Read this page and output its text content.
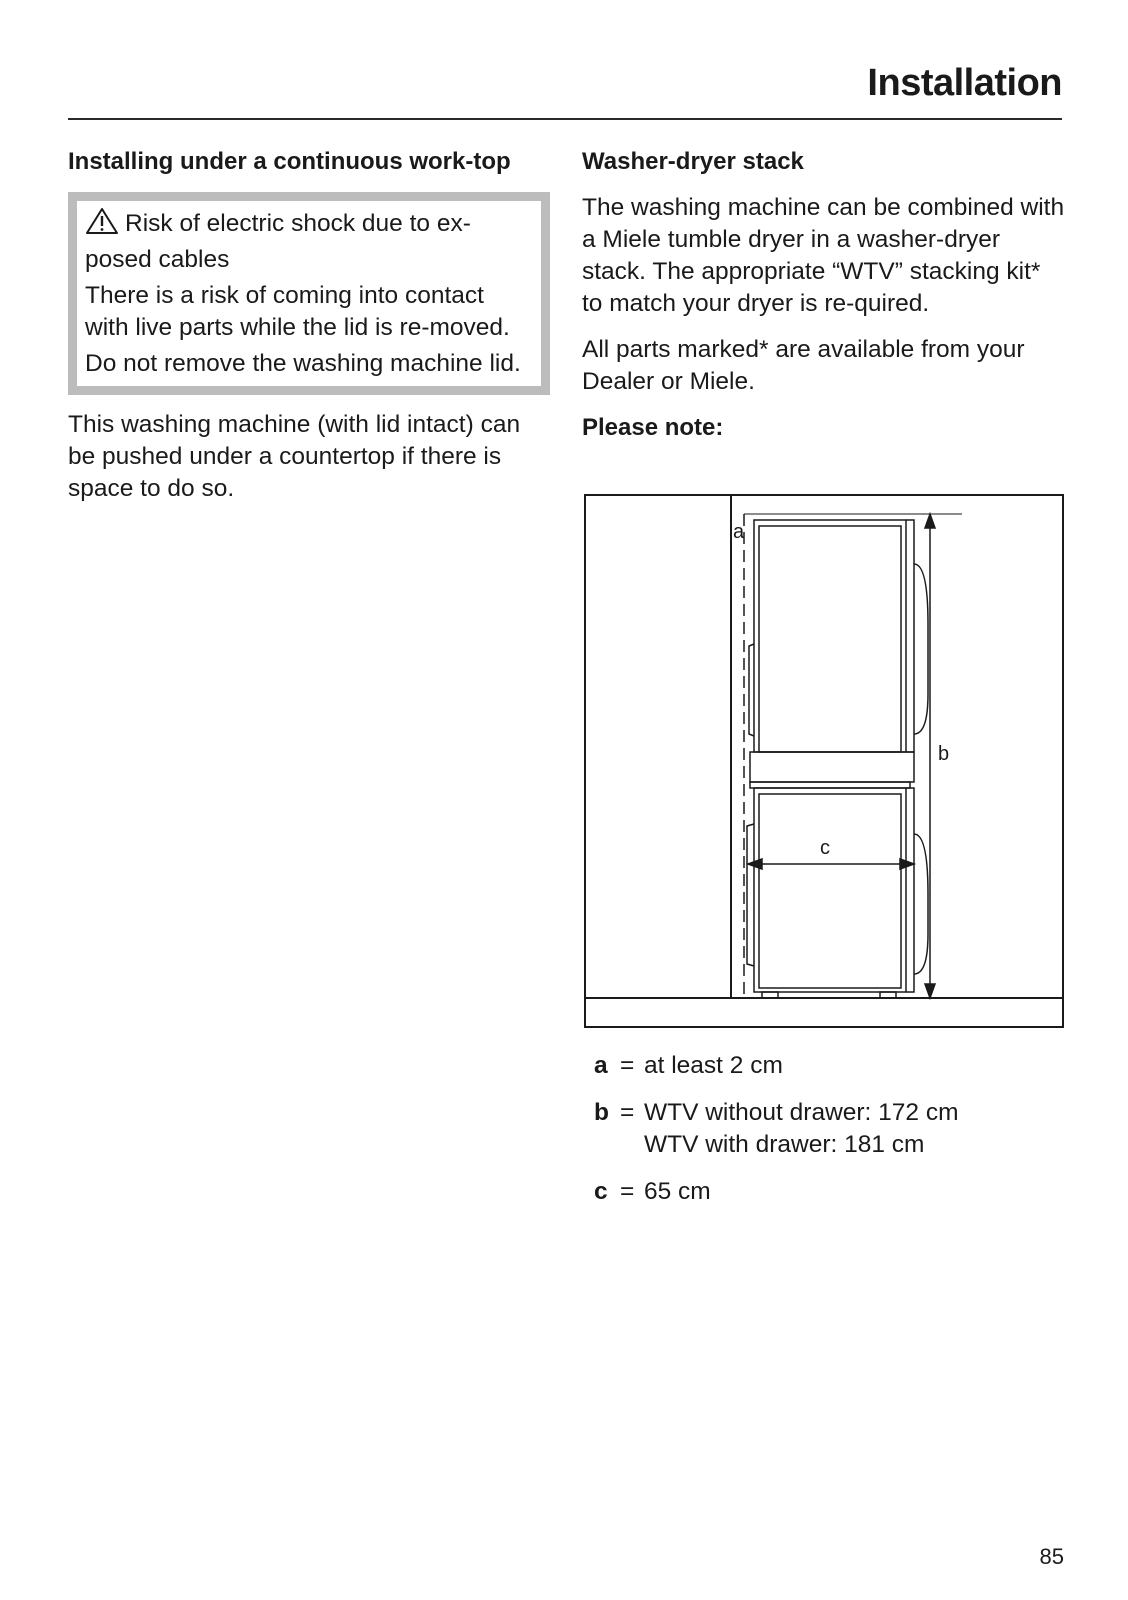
Installation
Installing under a continuous work-top

Risk of electric shock due to ex-posed cables

There is a risk of coming into contact with live parts while the lid is re-moved.

Do not remove the washing machine lid.

This washing machine (with lid intact) can be pushed under a countertop if there is space to do so.

Washer-dryer stack

The washing machine can be combined with a Miele tumble dryer in a washer-dryer stack. The appropriate “WTV” stacking kit* to match your dryer is re-quired.

All parts marked* are available from your Dealer or Miele.

Please note:
a
b
c
a = at least 2 cm
b = WTV without drawer: 172 cm
WTV with drawer: 181 cm
c = 65 cm
85
